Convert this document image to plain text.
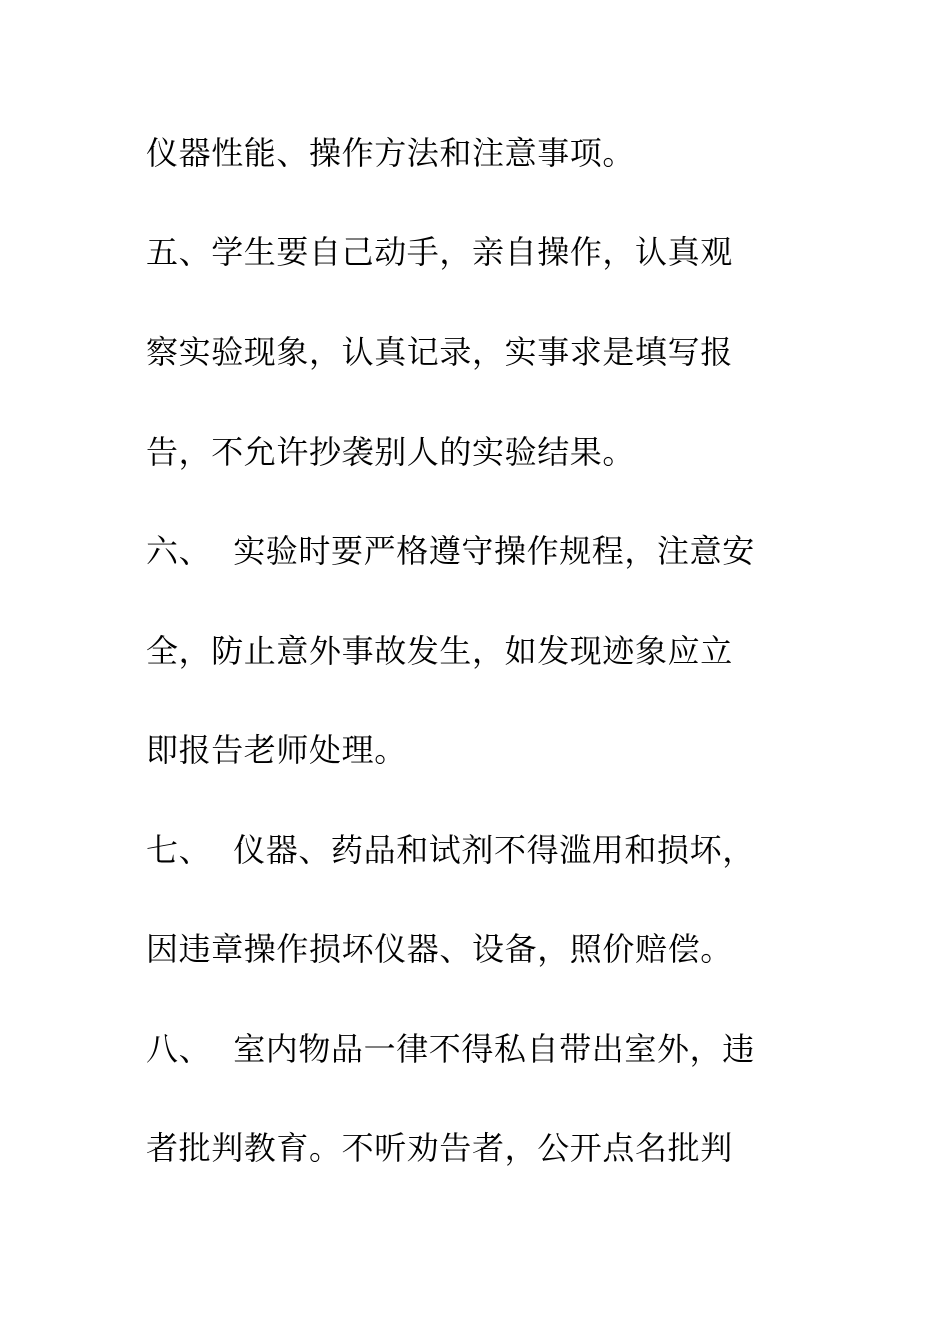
仪器性能、操作方法和注意事项。
五、学生要自己动手，亲自操作，认真观
察实验现象，认真记录，实事求是填写报
告，不允许抄袭别人的实验结果。
六、 实验时要严格遵守操作规程，注意安
全，防止意外事故发生，如发现迹象应立
即报告老师处理。
七、 仪器、药品和试剂不得滥用和损坏，
因违章操作损坏仪器、设备，照价赔偿。
八、 室内物品一律不得私自带出室外，违
者批判教育。不听劝告者，公开点名批判
